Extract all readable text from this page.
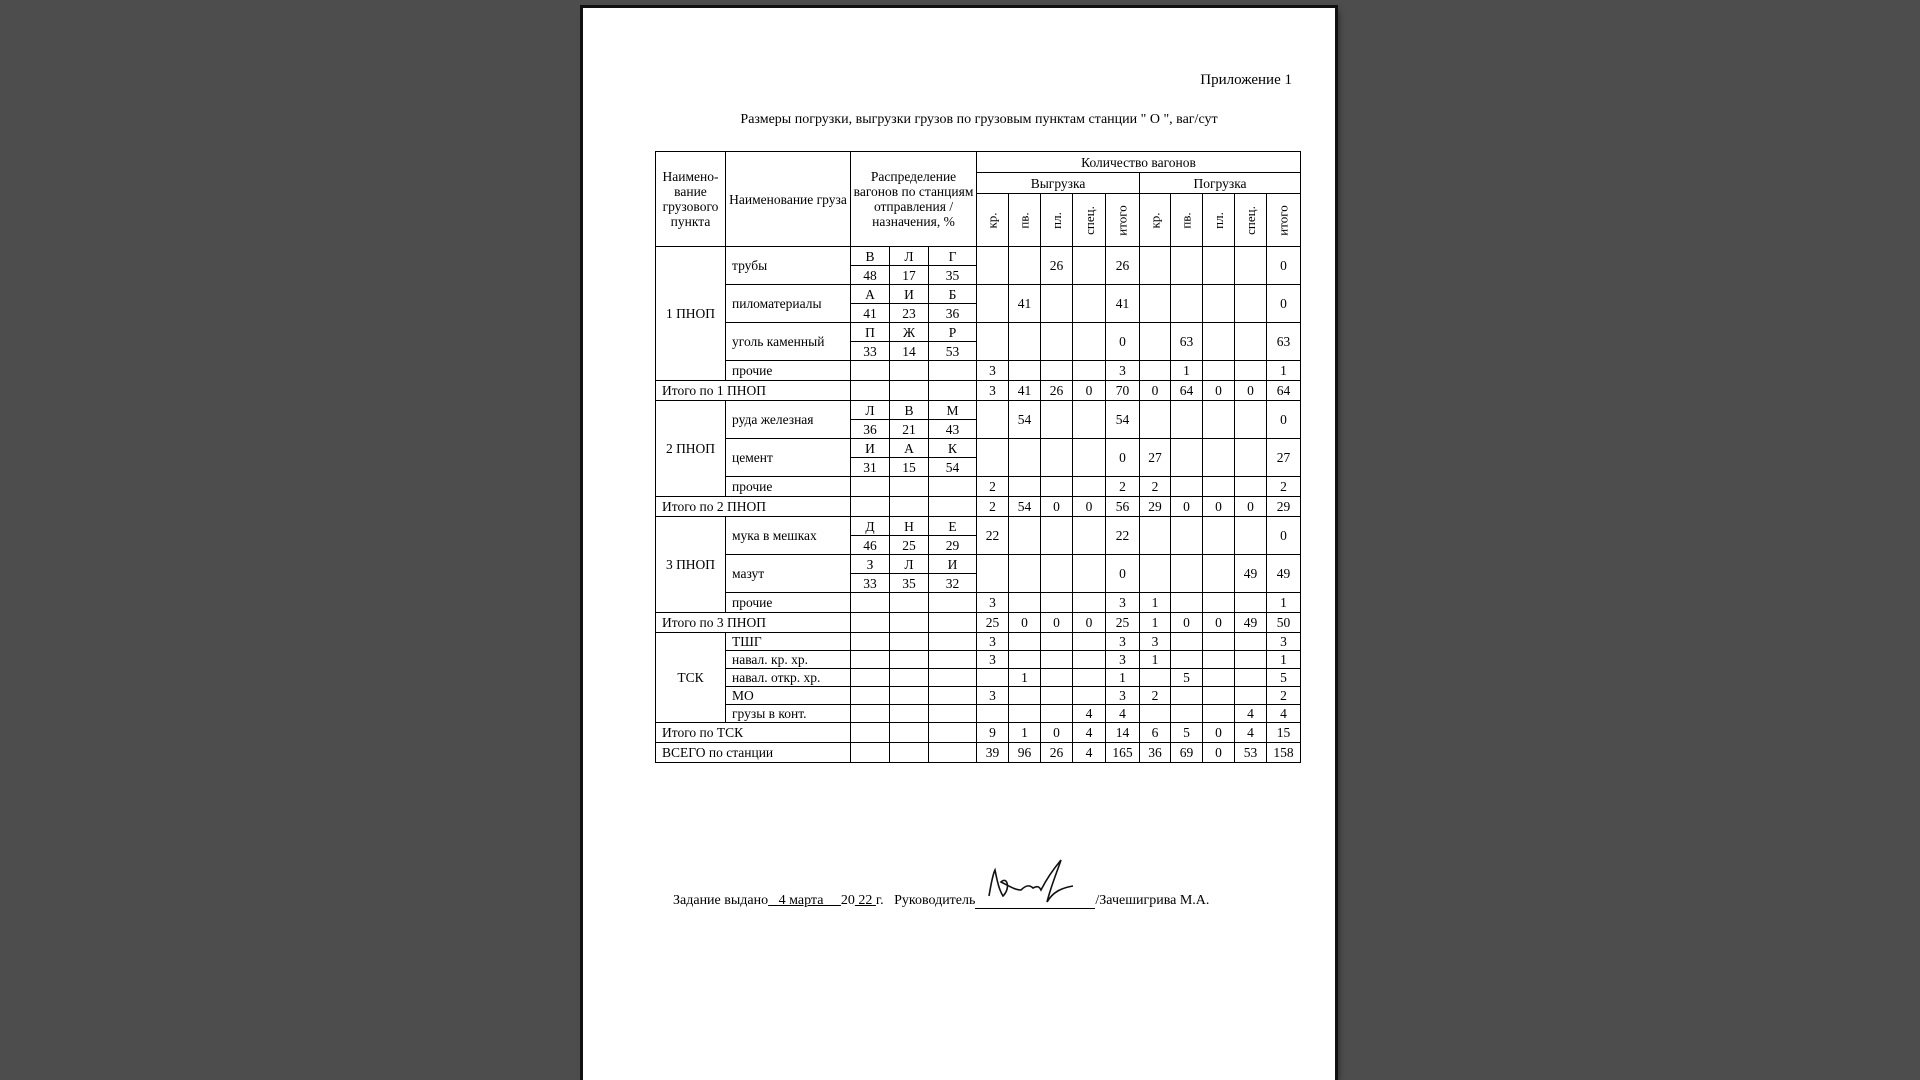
Приложение 1
Размеры погрузки, выгрузки грузов по грузовым пунктам станции " О ", ваг/сут
Наимено-вание грузового пункта	Наименование груза	Распределение вагонов по станциям отправления / назначения, %			Количество вагонов									
					Выгрузка					Погрузка				
					кр.	пв.	пл.	спец.	итого	кр.	пв.	пл.	спец.	итого
1 ПНОП	трубы	В	Л	Г			26		26					0
		48	17	35										
	пиломатериалы	А	И	Б		41			41					0
		41	23	36										
	уголь каменный	П	Ж	Р					0		63			63
		33	14	53										
	прочие				3				3		1			1
Итого по 1 ПНОП					3	41	26	0	70	0	64	0	0	64
2 ПНОП	руда железная	Л	В	М		54			54					0
		36	21	43										
	цемент	И	А	К					0	27				27
		31	15	54										
	прочие				2				2	2				2
Итого по 2 ПНОП					2	54	0	0	56	29	0	0	0	29
3 ПНОП	мука в мешках	Д	Н	Е	22				22					0
		46	25	29										
	мазут	З	Л	И					0				49	49
		33	35	32										
	прочие				3				3	1				1
Итого по 3 ПНОП					25	0	0	0	25	1	0	0	49	50
ТСК	ТШГ				3				3	3				3
	навал. кр. хр.				3				3	1				1
	навал. откр. хр.					1			1		5			5
	МО				3				3	2				2
	грузы в конт.							4	4				4	4
Итого по ТСК					9	1	0	4	14	6	5	0	4	15
ВСЕГО по станции					39	96	26	4	165	36	69	0	53	158
Задание выдано 4 марта 20 22 г. Руководитель	/Зачешигрива М.А.
